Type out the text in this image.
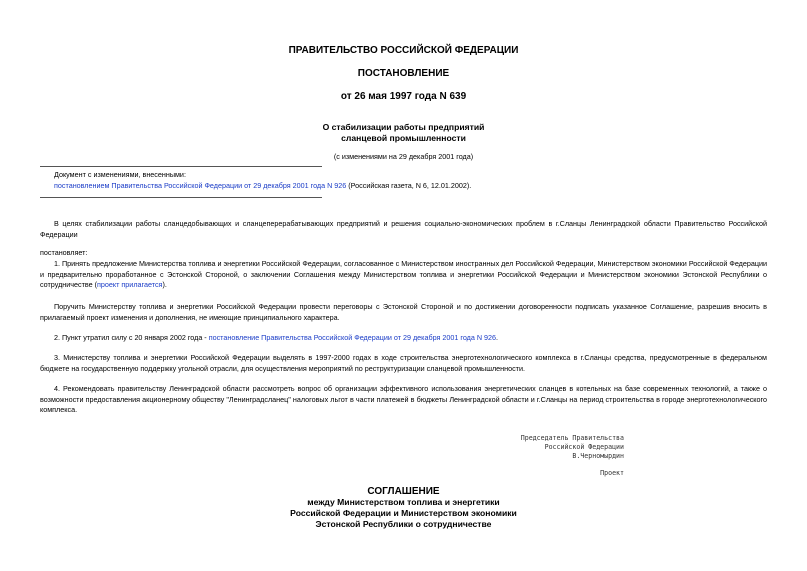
ПРАВИТЕЛЬСТВО РОССИЙСКОЙ ФЕДЕРАЦИИ
ПОСТАНОВЛЕНИЕ
от 26 мая 1997 года N 639
О стабилизации работы предприятий
сланцевой промышленности
(с изменениями на 29 декабря 2001 года)
Документ с изменениями, внесенными:
постановлением Правительства Российской Федерации от 29 декабря 2001 года N 926 (Российская газета, N 6, 12.01.2002).
В целях стабилизации работы сланцедобывающих и сланцеперерабатывающих предприятий и решения социально-экономических проблем в г.Сланцы Ленинградской области Правительство Российской Федерации
постановляет:
1. Принять предложение Министерства топлива и энергетики Российской Федерации, согласованное с Министерством иностранных дел Российской Федерации, Министерством экономики Российской Федерации и предварительно проработанное с Эстонской Стороной, о заключении Соглашения между Министерством топлива и энергетики Российской Федерации и Министерством экономики Эстонской Республики о сотрудничестве (проект прилагается).
Поручить Министерству топлива и энергетики Российской Федерации провести переговоры с Эстонской Стороной и по достижении договоренности подписать указанное Соглашение, разрешив вносить в прилагаемый проект изменения и дополнения, не имеющие принципиального характера.
2. Пункт утратил силу с 20 января 2002 года - постановление Правительства Российской Федерации от 29 декабря 2001 года N 926.
3. Министерству топлива и энергетики Российской Федерации выделять в 1997-2000 годах в ходе строительства энерготехнологического комплекса в г.Сланцы средства, предусмотренные в федеральном бюджете на государственную поддержку угольной отрасли, для осуществления мероприятий по реструктуризации сланцевой промышленности.
4. Рекомендовать правительству Ленинградской области рассмотреть вопрос об организации эффективного использования энергетических сланцев в котельных на базе современных технологий, а также о возможности предоставления акционерному обществу "Ленинградсланец" налоговых льгот в части платежей в бюджеты Ленинградской области и г.Сланцы на период строительства в городе энерготехнологического комплекса.
Председатель Правительства
Российской Федерации
В.Черномырдин
Проект
СОГЛАШЕНИЕ
между Министерством топлива и энергетики
Российской Федерации и Министерством экономики
Эстонской Республики о сотрудничестве
